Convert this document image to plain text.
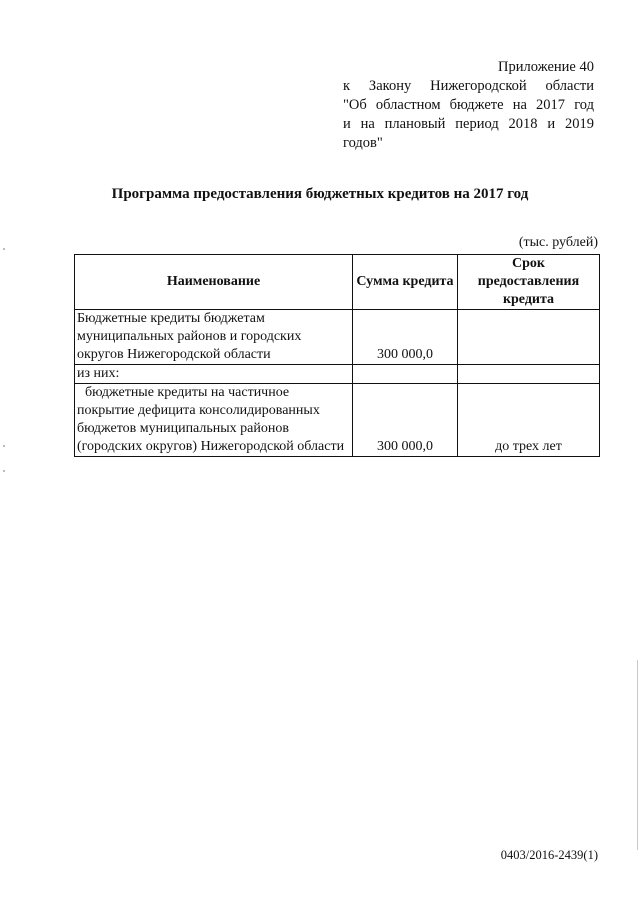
Приложение 40
к Закону Нижегородской области
"Об областном бюджете на 2017 год
и на плановый период 2018 и 2019
годов"
Программа предоставления бюджетных кредитов на 2017 год
(тыс. рублей)
Наименование	Сумма кредита	Срок предоставления кредита
Бюджетные кредиты бюджетам муниципальных районов и городских округов Нижегородской области	300 000,0	
из них:		
бюджетные кредиты на частичное покрытие дефицита консолидированных бюджетов муниципальных районов (городских округов) Нижегородской области	300 000,0	до трех лет
0403/2016-2439(1)
